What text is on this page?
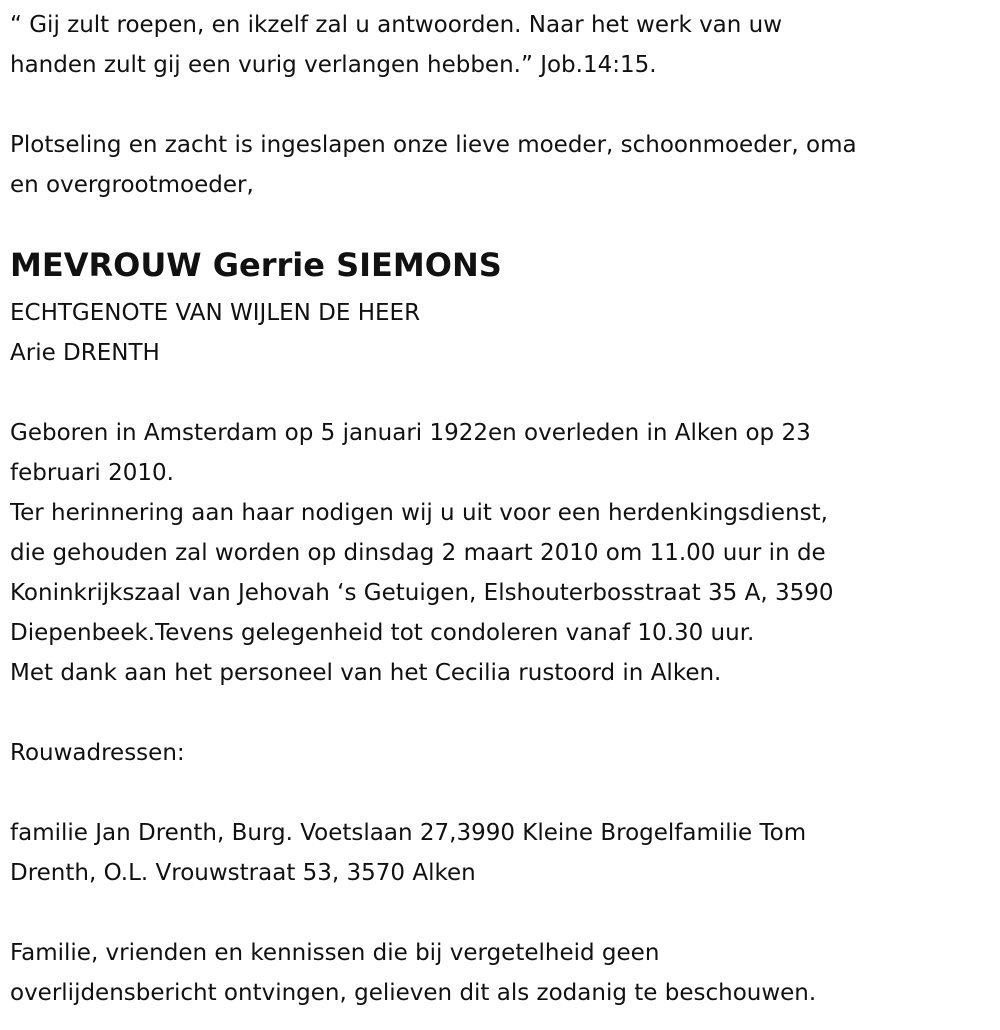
“ Gij zult roepen, en ikzelf zal u antwoorden. Naar het werk van uw
handen zult gij een vurig verlangen hebben.” Job.14:15.
Plotseling en zacht is ingeslapen onze lieve moeder, schoonmoeder, oma
en overgrootmoeder,
MEVROUW Gerrie SIEMONS
ECHTGENOTE VAN WIJLEN DE HEER
Arie DRENTH
Geboren in Amsterdam op 5 januari 1922en overleden in Alken op 23
februari 2010.
Ter herinnering aan haar nodigen wij u uit voor een herdenkingsdienst,
die gehouden zal worden op dinsdag 2 maart 2010 om 11.00 uur in de
Koninkrijkszaal van Jehovah ‘s Getuigen, Elshouterbosstraat 35 A, 3590
Diepenbeek.Tevens gelegenheid tot condoleren vanaf 10.30 uur.
Met dank aan het personeel van het Cecilia rustoord in Alken.
Rouwadressen:
familie Jan Drenth, Burg. Voetslaan 27,3990 Kleine Brogelfamilie Tom
Drenth, O.L. Vrouwstraat 53, 3570 Alken
Familie, vrienden en kennissen die bij vergetelheid geen
overlijdensbericht ontvingen, gelieven dit als zodanig te beschouwen.
